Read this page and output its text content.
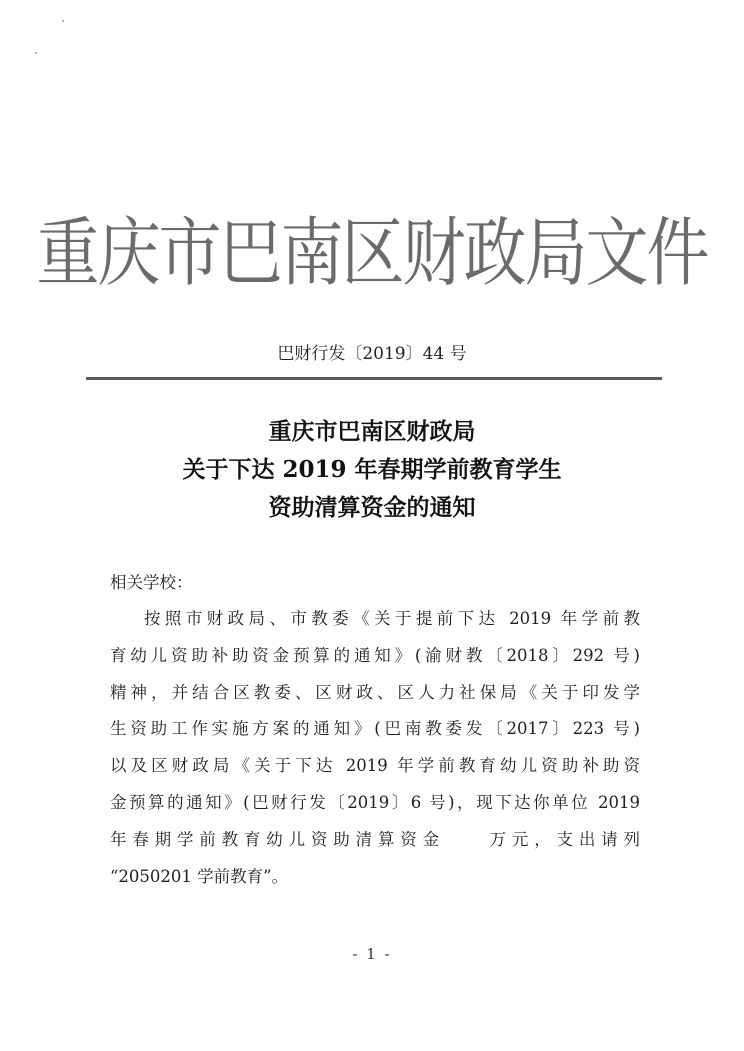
重庆市巴南区财政局文件
巴财行发〔2019〕44 号
重庆市巴南区财政局
关于下达 2019 年春期学前教育学生
资助清算资金的通知
相关学校：
按照市财政局、市教委《关于提前下达 2019 年学前教
育幼儿资助补助资金预算的通知》(渝财教〔2018〕292 号)
精神，并结合区教委、区财政、区人力社保局《关于印发学
生资助工作实施方案的通知》(巴南教委发〔2017〕223 号)
以及区财政局《关于下达 2019 年学前教育幼儿资助补助资
金预算的通知》(巴财行发〔2019〕6 号)，现下达你单位 2019
年春期学前教育幼儿资助清算资金　　万元，支出请列
“2050201 学前教育”。
- 1 -
